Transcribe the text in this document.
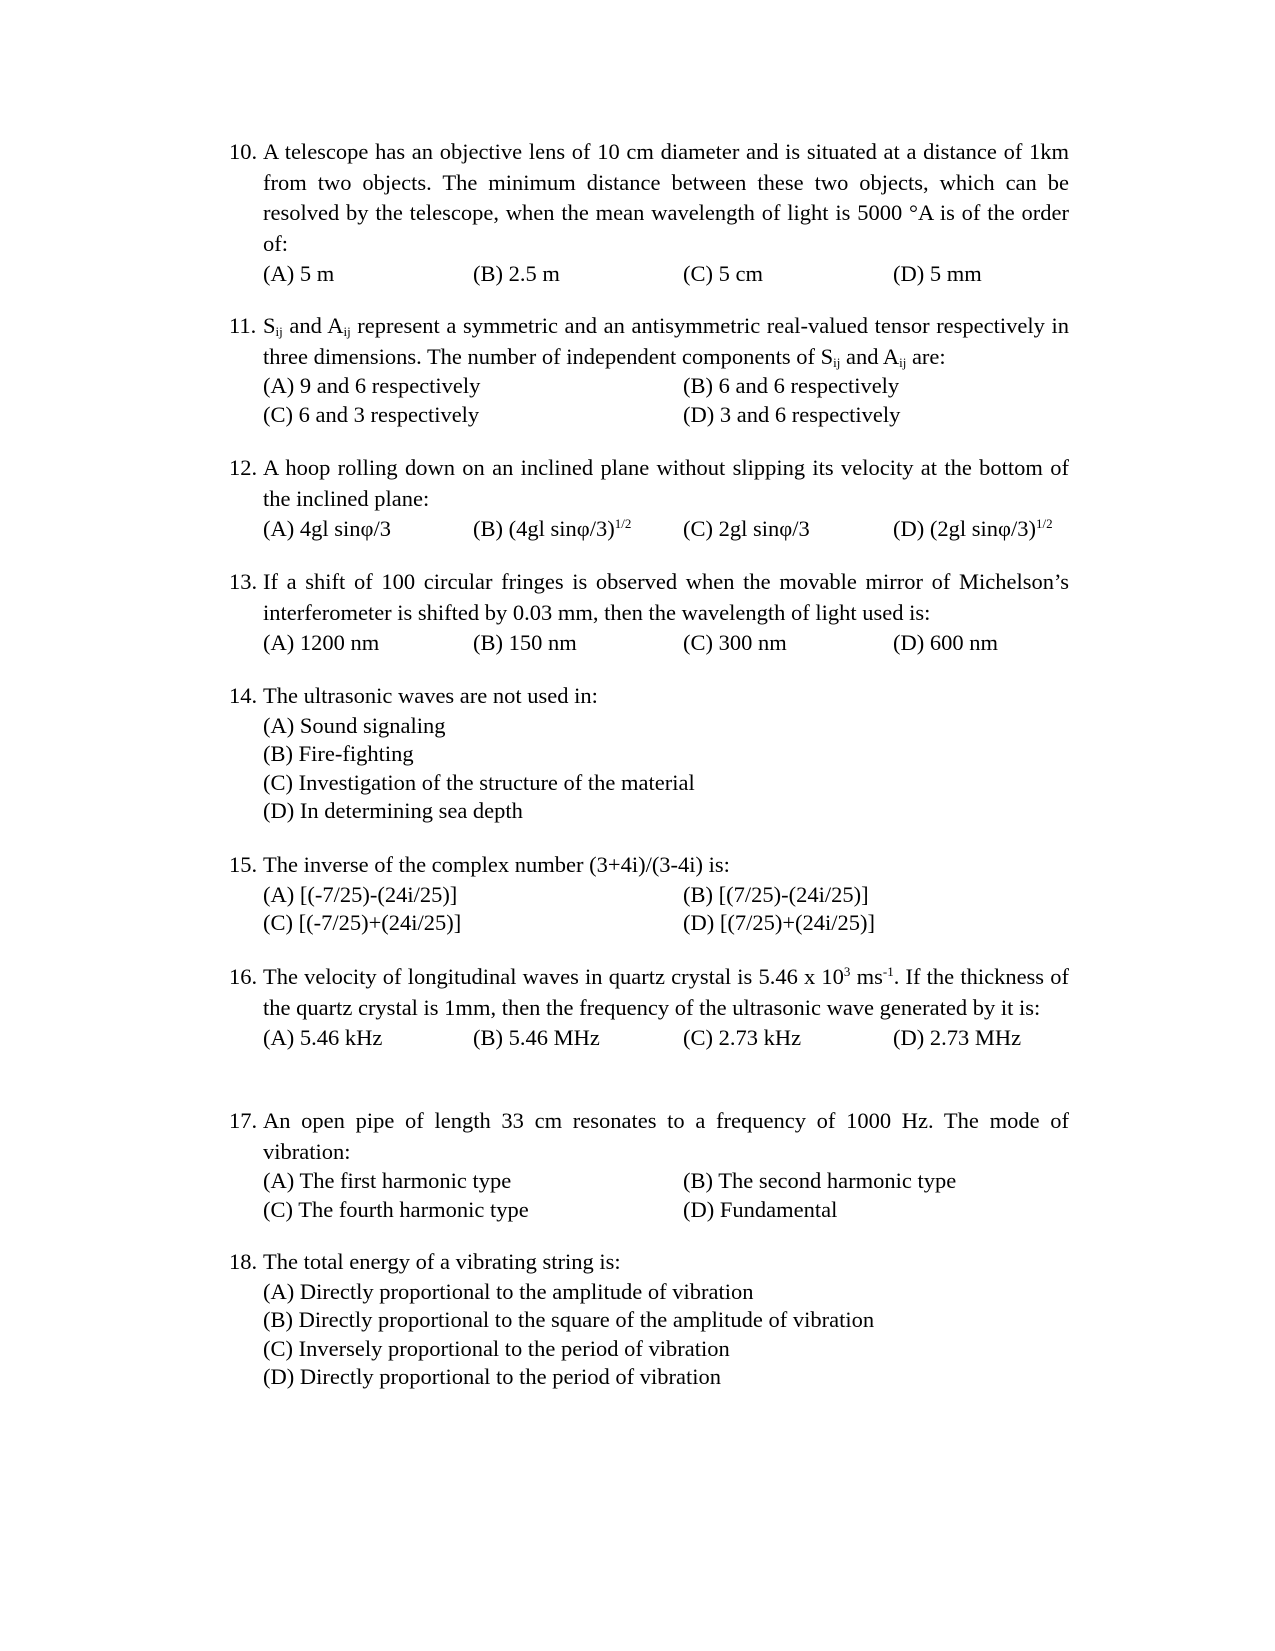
10. A telescope has an objective lens of 10 cm diameter and is situated at a distance of 1km from two objects. The minimum distance between these two objects, which can be resolved by the telescope, when the mean wavelength of light is 5000 °A is of the order of:
(A) 5 m	(B) 2.5 m	(C) 5 cm	(D) 5 mm
11. $S_{ij}$ and $A_{ij}$ represent a symmetric and an antisymmetric real-valued tensor respectively in three dimensions. The number of independent components of $S_{ij}$ and $A_{ij}$ are:
(A) 9 and 6 respectively	(B) 6 and 6 respectively
(C) 6 and 3 respectively	(D) 3 and 6 respectively
12. A hoop rolling down on an inclined plane without slipping its velocity at the bottom of the inclined plane:
(A) 4gl sinφ/3	(B) (4gl sinφ/3)$^{1/2}$	(C) 2gl sinφ/3	(D) (2gl sinφ/3)$^{1/2}$
13. If a shift of 100 circular fringes is observed when the movable mirror of Michelson’s interferometer is shifted by 0.03 mm, then the wavelength of light used is:
(A) 1200 nm	(B) 150 nm	(C) 300 nm	(D) 600 nm
14. The ultrasonic waves are not used in:
(A) Sound signaling
(B) Fire-fighting
(C) Investigation of the structure of the material
(D) In determining sea depth
15. The inverse of the complex number (3+4i)/(3-4i) is:
(A) [(-7/25)-(24i/25)]	(B) [(7/25)-(24i/25)]
(C) [(-7/25)+(24i/25)]	(D) [(7/25)+(24i/25)]
16. The velocity of longitudinal waves in quartz crystal is 5.46 x $10^3$ $ms^{-1}$. If the thickness of the quartz crystal is 1mm, then the frequency of the ultrasonic wave generated by it is:
(A) 5.46 kHz	(B) 5.46 MHz	(C) 2.73 kHz	(D) 2.73 MHz
17. An open pipe of length 33 cm resonates to a frequency of 1000 Hz. The mode of vibration:
(A) The first harmonic type	(B) The second harmonic type
(C) The fourth harmonic type	(D) Fundamental
18. The total energy of a vibrating string is:
(A) Directly proportional to the amplitude of vibration
(B) Directly proportional to the square of the amplitude of vibration
(C) Inversely proportional to the period of vibration
(D) Directly proportional to the period of vibration
